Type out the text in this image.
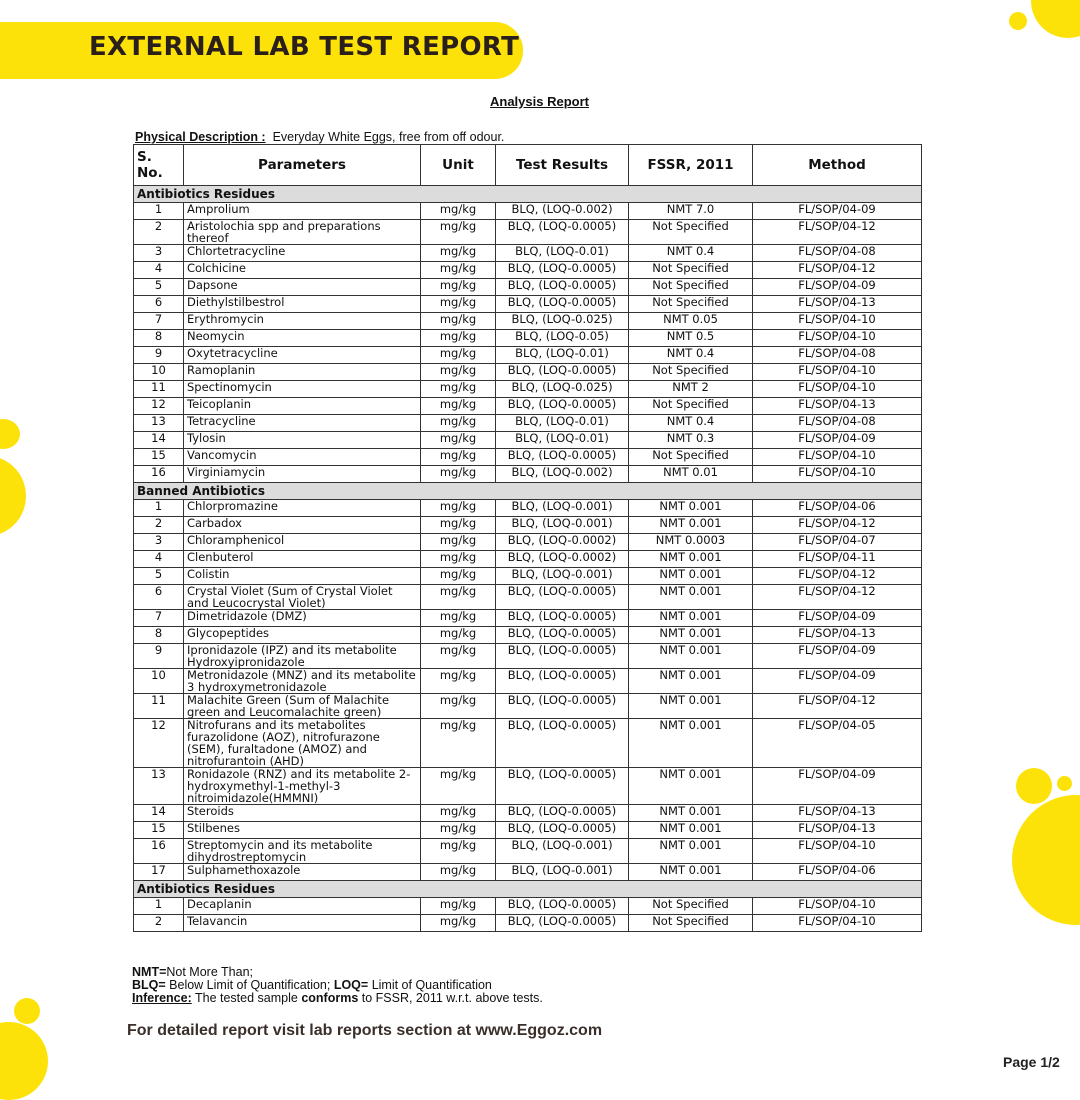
EXTERNAL LAB TEST REPORT
Analysis Report
Physical Description : Everyday White Eggs, free from off odour.
S. No.	Parameters	Unit	Test Results	FSSR, 2011	Method
Antibiotics Residues					
1	Amprolium	mg/kg	BLQ, (LOQ-0.002)	NMT 7.0	FL/SOP/04-09
2	Aristolochia spp and preparations thereof	mg/kg	BLQ, (LOQ-0.0005)	Not Specified	FL/SOP/04-12
3	Chlortetracycline	mg/kg	BLQ, (LOQ-0.01)	NMT 0.4	FL/SOP/04-08
4	Colchicine	mg/kg	BLQ, (LOQ-0.0005)	Not Specified	FL/SOP/04-12
5	Dapsone	mg/kg	BLQ, (LOQ-0.0005)	Not Specified	FL/SOP/04-09
6	Diethylstilbestrol	mg/kg	BLQ, (LOQ-0.0005)	Not Specified	FL/SOP/04-13
7	Erythromycin	mg/kg	BLQ, (LOQ-0.025)	NMT 0.05	FL/SOP/04-10
8	Neomycin	mg/kg	BLQ, (LOQ-0.05)	NMT 0.5	FL/SOP/04-10
9	Oxytetracycline	mg/kg	BLQ, (LOQ-0.01)	NMT 0.4	FL/SOP/04-08
10	Ramoplanin	mg/kg	BLQ, (LOQ-0.0005)	Not Specified	FL/SOP/04-10
11	Spectinomycin	mg/kg	BLQ, (LOQ-0.025)	NMT 2	FL/SOP/04-10
12	Teicoplanin	mg/kg	BLQ, (LOQ-0.0005)	Not Specified	FL/SOP/04-13
13	Tetracycline	mg/kg	BLQ, (LOQ-0.01)	NMT 0.4	FL/SOP/04-08
14	Tylosin	mg/kg	BLQ, (LOQ-0.01)	NMT 0.3	FL/SOP/04-09
15	Vancomycin	mg/kg	BLQ, (LOQ-0.0005)	Not Specified	FL/SOP/04-10
16	Virginiamycin	mg/kg	BLQ, (LOQ-0.002)	NMT 0.01	FL/SOP/04-10
Banned Antibiotics					
1	Chlorpromazine	mg/kg	BLQ, (LOQ-0.001)	NMT 0.001	FL/SOP/04-06
2	Carbadox	mg/kg	BLQ, (LOQ-0.001)	NMT 0.001	FL/SOP/04-12
3	Chloramphenicol	mg/kg	BLQ, (LOQ-0.0002)	NMT 0.0003	FL/SOP/04-07
4	Clenbuterol	mg/kg	BLQ, (LOQ-0.0002)	NMT 0.001	FL/SOP/04-11
5	Colistin	mg/kg	BLQ, (LOQ-0.001)	NMT 0.001	FL/SOP/04-12
6	Crystal Violet (Sum of Crystal Violet and Leucocrystal Violet)	mg/kg	BLQ, (LOQ-0.0005)	NMT 0.001	FL/SOP/04-12
7	Dimetridazole (DMZ)	mg/kg	BLQ, (LOQ-0.0005)	NMT 0.001	FL/SOP/04-09
8	Glycopeptides	mg/kg	BLQ, (LOQ-0.0005)	NMT 0.001	FL/SOP/04-13
9	Ipronidazole (IPZ) and its metabolite Hydroxyipronidazole	mg/kg	BLQ, (LOQ-0.0005)	NMT 0.001	FL/SOP/04-09
10	Metronidazole (MNZ) and its metabolite 3 hydroxymetronidazole	mg/kg	BLQ, (LOQ-0.0005)	NMT 0.001	FL/SOP/04-09
11	Malachite Green (Sum of Malachite green and Leucomalachite green)	mg/kg	BLQ, (LOQ-0.0005)	NMT 0.001	FL/SOP/04-12
12	Nitrofurans and its metabolites furazolidone (AOZ), nitrofurazone (SEM), furaltadone (AMOZ) and nitrofurantoin (AHD)	mg/kg	BLQ, (LOQ-0.0005)	NMT 0.001	FL/SOP/04-05
13	Ronidazole (RNZ) and its metabolite 2-hydroxymethyl-1-methyl-3 nitroimidazole(HMMNI)	mg/kg	BLQ, (LOQ-0.0005)	NMT 0.001	FL/SOP/04-09
14	Steroids	mg/kg	BLQ, (LOQ-0.0005)	NMT 0.001	FL/SOP/04-13
15	Stilbenes	mg/kg	BLQ, (LOQ-0.0005)	NMT 0.001	FL/SOP/04-13
16	Streptomycin and its metabolite dihydrostreptomycin	mg/kg	BLQ, (LOQ-0.001)	NMT 0.001	FL/SOP/04-10
17	Sulphamethoxazole	mg/kg	BLQ, (LOQ-0.001)	NMT 0.001	FL/SOP/04-06
Antibiotics Residues					
1	Decaplanin	mg/kg	BLQ, (LOQ-0.0005)	Not Specified	FL/SOP/04-10
2	Telavancin	mg/kg	BLQ, (LOQ-0.0005)	Not Specified	FL/SOP/04-10
NMT=Not More Than;
BLQ= Below Limit of Quantification; LOQ= Limit of Quantification
Inference: The tested sample conforms to FSSR, 2011 w.r.t. above tests.
For detailed report visit lab reports section at www.Eggoz.com
Page 1/2
